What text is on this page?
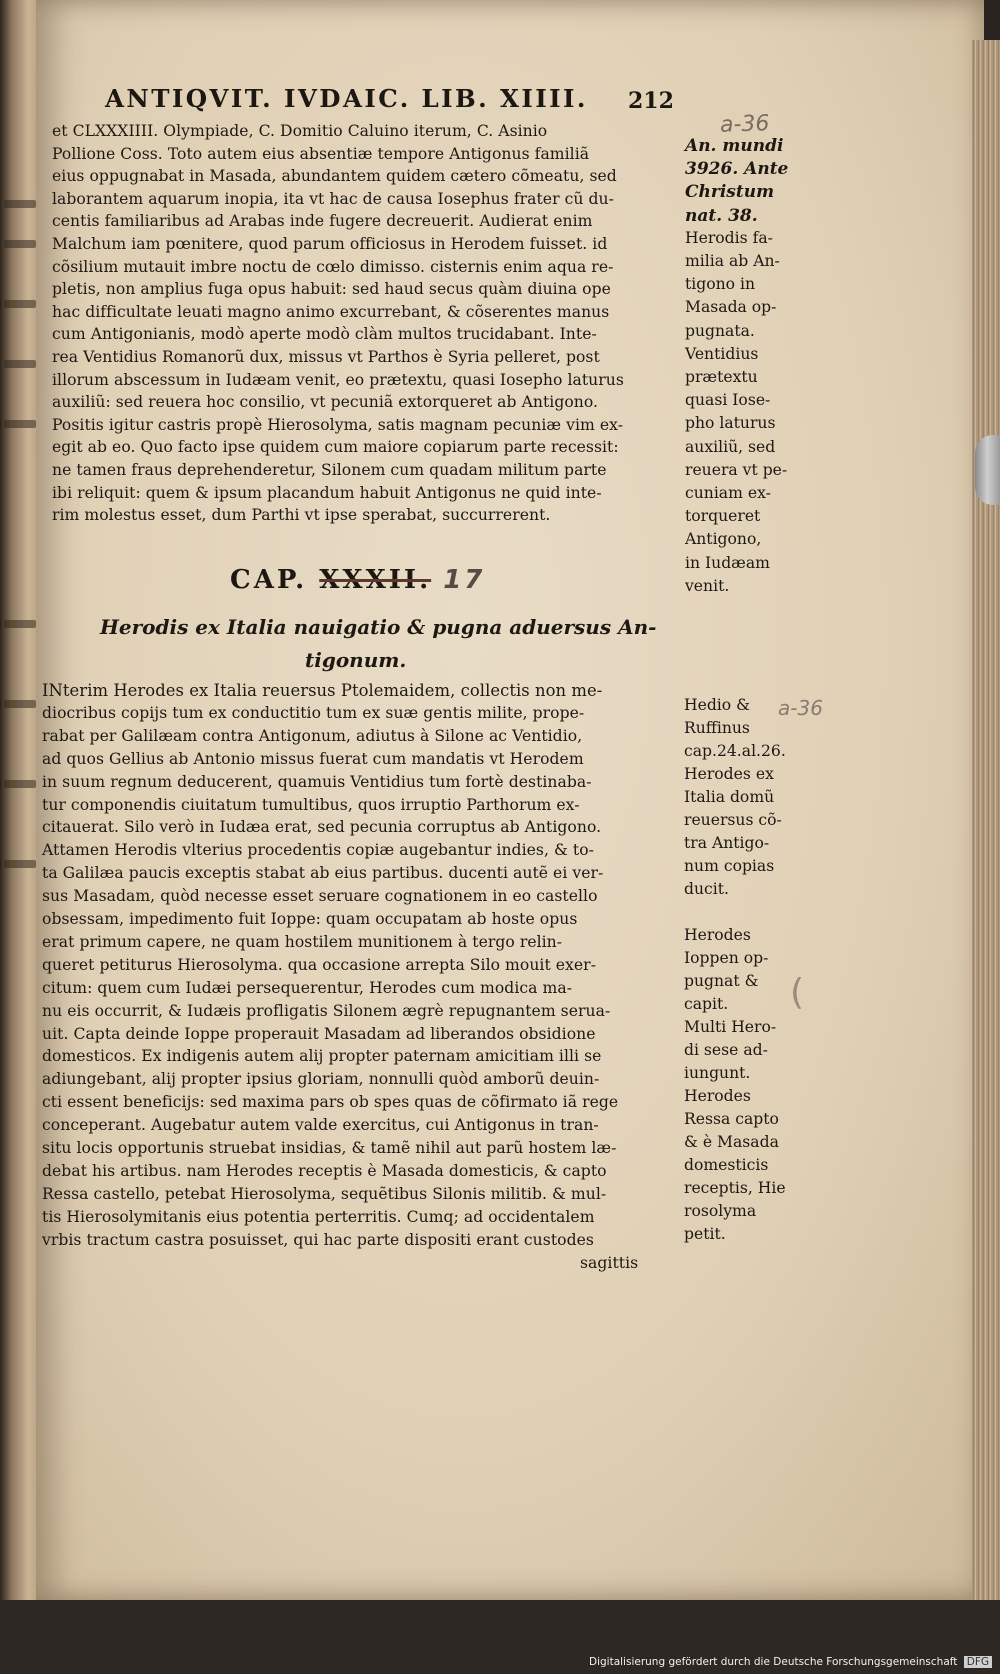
ANTIQVIT. IVDAIC. LIB. XIIII. 212
a-36
et CLXXXIIII. Olympiade, C. Domitio Caluino iterum, C. Asinio
Pollione Coss. Toto autem eius absentiæ tempore Antigonus familiã
eius oppugnabat in Masada, abundantem quidem cætero cõmeatu, sed
laborantem aquarum inopia, ita vt hac de causa Iosephus frater cũ du-
centis familiaribus ad Arabas inde fugere decreuerit. Audierat enim
Malchum iam pœnitere, quod parum officiosus in Herodem fuisset. id
cõsilium mutauit imbre noctu de cœlo dimisso. cisternis enim aqua re-
pletis, non amplius fuga opus habuit: sed haud secus quàm diuina ope
hac difficultate leuati magno animo excurrebant, & cõserentes manus
cum Antigonianis, modò aperte modò clàm multos trucidabant. Inte-
rea Ventidius Romanorũ dux, missus vt Parthos è Syria pelleret, post
illorum abscessum in Iudæam venit, eo prætextu, quasi Iosepho laturus
auxiliũ: sed reuera hoc consilio, vt pecuniã extorqueret ab Antigono.
Positis igitur castris propè Hierosolyma, satis magnam pecuniæ vim ex-
egit ab eo. Quo facto ipse quidem cum maiore copiarum parte recessit:
ne tamen fraus deprehenderetur, Silonem cum quadam militum parte
ibi reliquit: quem & ipsum placandum habuit Antigonus ne quid inte-
rim molestus esset, dum Parthi vt ipse sperabat, succurrerent.
An. mundi
3926. Ante
Christum
nat. 38.
Herodis fa-
milia ab An-
tigono in
Masada op-
pugnata.
Ventidius
prætextu
quasi Iose-
pho laturus
auxiliũ, sed
reuera vt pe-
cuniam ex-
torqueret
Antigono,
in Iudæam
venit.
CAP. XXXII. 17
Herodis ex Italia nauigatio & pugna aduersus An-
tigonum.
INterim Herodes ex Italia reuersus Ptolemaidem, collectis non me-
diocribus copijs tum ex conductitio tum ex suæ gentis milite, prope-
rabat per Galilæam contra Antigonum, adiutus à Silone ac Ventidio,
ad quos Gellius ab Antonio missus fuerat cum mandatis vt Herodem
in suum regnum deducerent, quamuis Ventidius tum fortè destinaba-
tur componendis ciuitatum tumultibus, quos irruptio Parthorum ex-
citauerat. Silo verò in Iudæa erat, sed pecunia corruptus ab Antigono.
Attamen Herodis vlterius procedentis copiæ augebantur indies, & to-
ta Galilæa paucis exceptis stabat ab eius partibus. ducenti autẽ ei ver-
sus Masadam, quòd necesse esset seruare cognationem in eo castello
obsessam, impedimento fuit Ioppe: quam occupatam ab hoste opus
erat primum capere, ne quam hostilem munitionem à tergo relin-
queret petiturus Hierosolyma. qua occasione arrepta Silo mouit exer-
citum: quem cum Iudæi persequerentur, Herodes cum modica ma-
nu eis occurrit, & Iudæis profligatis Silonem ægrè repugnantem serua-
uit. Capta deinde Ioppe properauit Masadam ad liberandos obsidione
domesticos. Ex indigenis autem alij propter paternam amicitiam illi se
adiungebant, alij propter ipsius gloriam, nonnulli quòd amborũ deuin-
cti essent beneficijs: sed maxima pars ob spes quas de cõfirmato iã rege
conceperant. Augebatur autem valde exercitus, cui Antigonus in tran-
situ locis opportunis struebat insidias, & tamẽ nihil aut parũ hostem læ-
debat his artibus. nam Herodes receptis è Masada domesticis, & capto
Ressa castello, petebat Hierosolyma, sequẽtibus Silonis militib. & mul-
tis Hierosolymitanis eius potentia perterritis. Cumq; ad occidentalem
vrbis tractum castra posuisset, qui hac parte dispositi erant custodes
sagittis
Hedio &
Ruffinus
cap.24.al.26.
Herodes ex
Italia domũ
reuersus cõ-
tra Antigo-
num copias
ducit.
Herodes
Ioppen op-
pugnat &
capit.
Multi Hero-
di sese ad-
iungunt.
Herodes
Ressa capto
& è Masada
domesticis
receptis, Hie
rosolyma
petit.
a-36
(
Digitalisierung gefördert durch die Deutsche Forschungsgemeinschaft DFG
